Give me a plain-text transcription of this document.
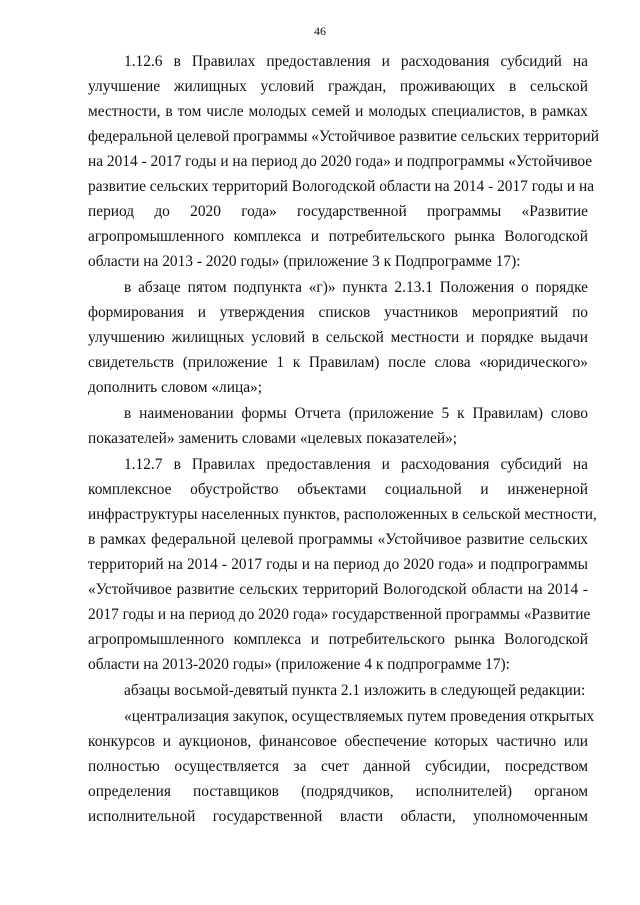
46
1.12.6 в Правилах предоставления и расходования субсидий на
улучшение жилищных условий граждан, проживающих в сельской
местности, в том числе молодых семей и молодых специалистов, в рамках
федеральной целевой программы «Устойчивое развитие сельских территорий
на 2014 - 2017 годы и на период до 2020 года» и подпрограммы «Устойчивое
развитие сельских территорий Вологодской области на 2014 - 2017 годы и на
период до 2020 года» государственной программы «Развитие
агропромышленного комплекса и потребительского рынка Вологодской
области на 2013 - 2020 годы» (приложение 3 к Подпрограмме 17):
в абзаце пятом подпункта «г)» пункта 2.13.1 Положения о порядке
формирования и утверждения списков участников мероприятий по
улучшению жилищных условий в сельской местности и порядке выдачи
свидетельств (приложение 1 к Правилам) после слова «юридического»
дополнить словом «лица»;
в наименовании формы Отчета (приложение 5 к Правилам) слово
показателей» заменить словами «целевых показателей»;
1.12.7 в Правилах предоставления и расходования субсидий на
комплексное обустройство объектами социальной и инженерной
инфраструктуры населенных пунктов, расположенных в сельской местности,
в рамках федеральной целевой программы «Устойчивое развитие сельских
территорий на 2014 - 2017 годы и на период до 2020 года» и подпрограммы
«Устойчивое развитие сельских территорий Вологодской области на 2014 -
2017 годы и на период до 2020 года» государственной программы «Развитие
агропромышленного комплекса и потребительского рынка Вологодской
области на 2013-2020 годы» (приложение 4 к подпрограмме 17):
абзацы восьмой-девятый пункта 2.1 изложить в следующей редакции:
«централизация закупок, осуществляемых путем проведения открытых
конкурсов и аукционов, финансовое обеспечение которых частично или
полностью осуществляется за счет данной субсидии, посредством
определения поставщиков (подрядчиков, исполнителей) органом
исполнительной государственной власти области, уполномоченным
